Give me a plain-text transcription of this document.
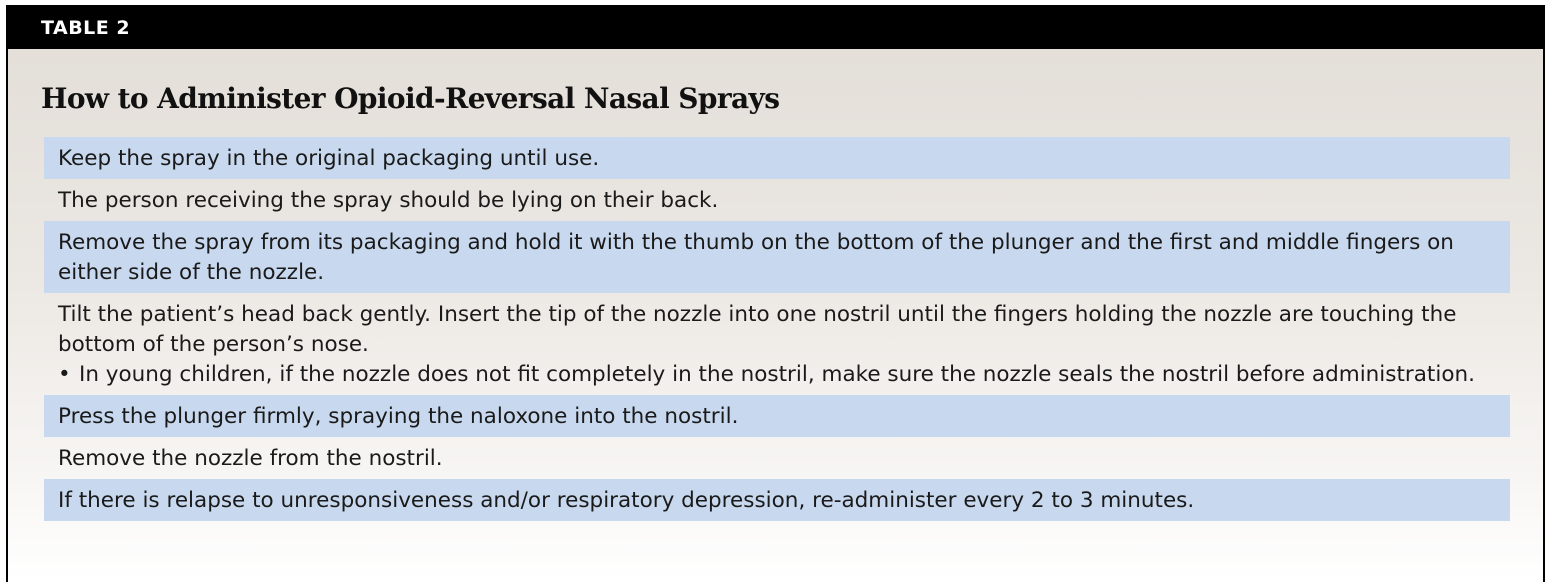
TABLE 2
How to Administer Opioid-Reversal Nasal Sprays
Keep the spray in the original packaging until use.
The person receiving the spray should be lying on their back.
Remove the spray from its packaging and hold it with the thumb on the bottom of the plunger and the first and middle fingers on either side of the nozzle.
Tilt the patient’s head back gently. Insert the tip of the nozzle into one nostril until the fingers holding the nozzle are touching the bottom of the person’s nose.
• In young children, if the nozzle does not fit completely in the nostril, make sure the nozzle seals the nostril before administration.
Press the plunger firmly, spraying the naloxone into the nostril.
Remove the nozzle from the nostril.
If there is relapse to unresponsiveness and/or respiratory depression, re-administer every 2 to 3 minutes.
